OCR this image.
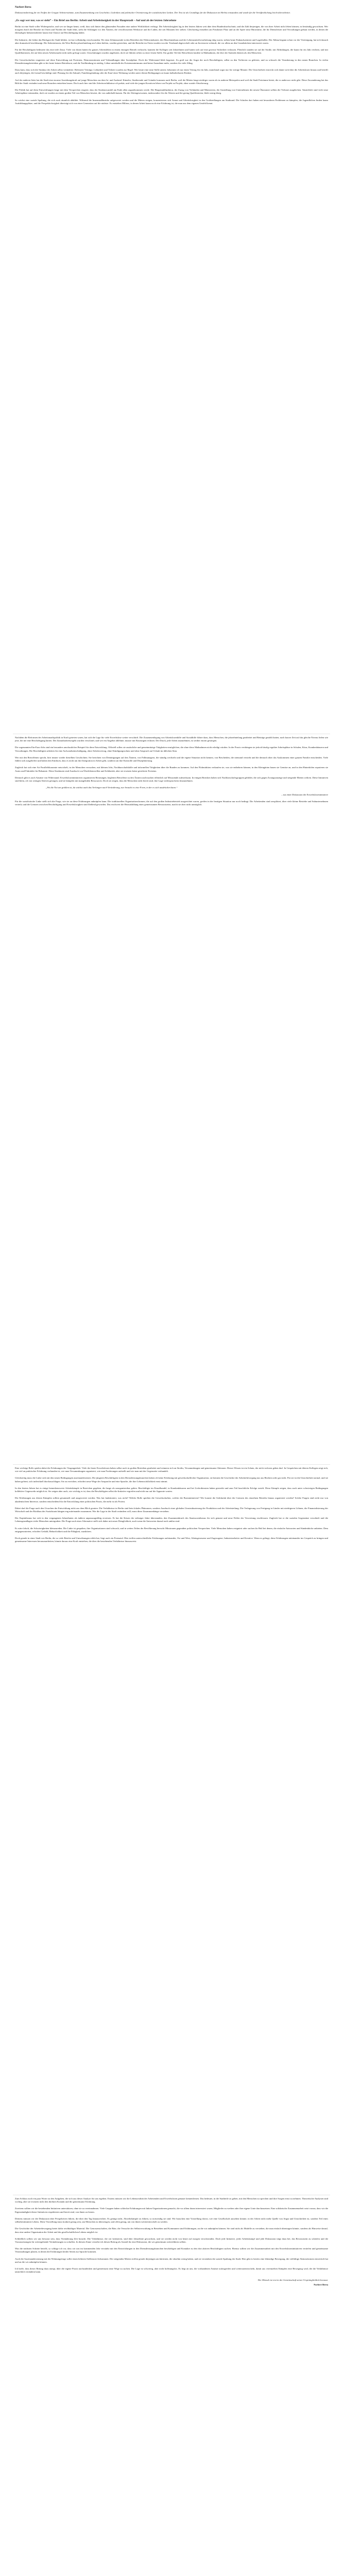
Norbert Berta
Diskussionsbeitrag für ein Treffen der Gruppe Arbeiterstimme, zum Zusammenhang von Geschichte, Gedenken und politischer Orientierung der sozialistischen Linken. Der Text ist als Grundlage für die Diskussion im Herbst entstanden und wurde für die Veröffentlichung leicht überarbeitet.
„Es sagt wer nur, was er sieht“ – Ein Brief aus Berlin: Arbeit und Arbeitslosigkeit in der Hauptstadt – Auf und ab der letzten Jahrzehnte

Berlin ist eine Stadt voller Widersprüche, und wer sie länger kennt, weiß, dass sich hinter den glänzenden Fassaden eine andere Wirklichkeit verbirgt. Die Arbeitslosigkeit lag in den letzten Jahren weit über dem Bundesdurchschnitt, und die Zahl derjenigen, die von ihrer Arbeit nicht leben können, ist beständig gewachsen. Wer morgens durch die Bezirke im Osten und Norden der Stadt fährt, sieht die Schlangen vor den Ämtern, die verschlossenen Werkstore und die Läden, die seit Monaten leer stehen. Gleichzeitig entstehen am Potsdamer Platz und an der Spree neue Bürotürme, die für Dienstleister und Verwaltungen gebaut werden, in denen die ehemaligen Industriearbeiter kaum eine Chance auf Beschäftigung haben.

Die Industrie, die früher das Rückgrat der Stadt bildete, ist fast vollständig verschwunden. Wo einst Zehntausende in den Betrieben der Elektroindustrie, des Maschinenbaus und der Lebensmittelverarbeitung tätig waren, stehen heute Einkaufszentren und Lagerhallen. Der Abbau begann schon vor der Vereinigung, hat sich danach aber dramatisch beschleunigt. Die Subventionen, die West-Berlin jahrzehntelang am Leben hielten, wurden gestrichen, und die Betriebe im Osten wurden von der Treuhand abgewickelt oder an Investoren verkauft, die vor allem an den Grundstücken interessiert waren.

Für die Beschäftigten bedeutete das eine tiefe Zäsur. Viele von ihnen hatten ihr ganzes Arbeitsleben in einem einzigen Betrieb verbracht, kannten die Kollegen seit Jahrzehnten und hatten sich auf eine gewisse Sicherheit verlassen. Plötzlich standen sie auf der Straße, mit Abfindungen, die kaum für ein Jahr reichten, und mit Qualifikationen, die auf dem neuen Arbeitsmarkt nicht mehr gefragt waren. Umschulungen wurden angeboten, doch sie führten selten zu einer festen Stelle. Ein großer Teil der Betroffenen landete in Maßnahmen, die eher der Statistik dienten als den Menschen.

Die Gewerkschaften reagierten auf diese Entwicklung mit Protesten, Demonstrationen und Verhandlungen über Sozialpläne. Doch der Widerstand blieb begrenzt. Zu groß war die Angst der noch Beschäftigten, selbst zu den Verlierern zu gehören, und zu schwach die Verankerung in den neuen Branchen. In vielen Dienstleistungsbetrieben gibt es bis heute keinen Betriebsrat, und die Tarifbindung ist niedrig. Löhne unterhalb des Existenzminimums sind keine Ausnahme mehr, sondern für viele Alltag.

Dazu kam, dass sich die Struktur der Arbeit selbst veränderte. Befristete Verträge, Leiharbeit und Teilzeit wurden zur Regel. Wer heute eine neue Stelle antritt, bekommt oft nur einen Vertrag für ein Jahr, manchmal sogar nur für wenige Monate. Die Unsicherheit erstreckt sich damit weit über die Arbeitslosen hinaus und betrifft auch diejenigen, die formal beschäftigt sind. Planung für die Zukunft, Familiengründung oder der Kauf einer Wohnung werden unter diesen Bedingungen zu kaum kalkulierbaren Risiken.

Auf der anderen Seite hat die Stadt eine enorme Anziehungskraft auf junge Menschen aus dem In- und Ausland. Künstler, Studierende und Gründer kommen nach Berlin, weil die Mieten lange niedriger waren als in anderen Metropolen und weil die Stadt Freiräume bietet, die es anderswo nicht gibt. Diese Zuwanderung hat das Bild der Stadt verändert und neue Branchen entstehen lassen. Doch auch hier sind die Arbeitsverhältnisse oft prekär, und viele der jungen Kreativen leben von Projekt zu Projekt, ohne soziale Absicherung.

Die Politik hat auf diese Entwicklungen lange mit dem Versprechen reagiert, dass der Strukturwandel am Ende allen zugutekommen werde. Die Hauptstadtfunktion, der Zuzug von Verbänden und Ministerien, die Ansiedlung von Unternehmen der neuen Ökonomie sollten die Verluste ausgleichen. Tatsächlich sind viele neue Arbeitsplätze entstanden, doch sie wurden zu einem großen Teil von Menschen besetzt, die von außerhalb kamen. Für die Alteingesessenen, insbesondere für die Älteren und die gering Qualifizierten, blieb wenig übrig.

So wächst eine soziale Spaltung, die sich auch räumlich abbildet. Während die Innenstadtbezirke aufgewertet werden und die Mieten steigen, konzentrieren sich Armut und Arbeitslosigkeit in den Großsiedlungen am Stadtrand. Die Schulen dort haben mit besonderen Problemen zu kämpfen, die Jugendlichen finden kaum Ausbildungsplätze, und die Perspektivlosigkeit überträgt sich von einer Generation auf die nächste. Es entstehen Milieus, in denen Arbeit kaum noch eine Erfahrung ist, die man aus dem eigenen Umfeld kennt.

Nachdem die Reformen der Arbeitsmarktpolitik in Kraft getreten waren, hat sich die Lage für viele Erwerbslose weiter verschärft. Die Zusammenlegung von Arbeitslosenhilfe und Sozialhilfe führte dazu, dass Menschen, die jahrzehntelang gearbeitet und Beiträge gezahlt hatten, nach kurzer Zeit auf das gleiche Niveau fielen wie jene, die nie eine Beschäftigung hatten. Die Zumutbarkeitsregeln wurden verschärft, und wer ein Angebot ablehnte, musste mit Kürzungen rechnen. Der Druck, jede Arbeit anzunehmen, ist seither enorm gestiegen.

Die sogenannten Ein-Euro-Jobs sind ein besonders anschauliches Beispiel für diese Entwicklung. Offiziell sollen sie zusätzliche und gemeinnützige Tätigkeiten ermöglichen, die ohne diese Maßnahmen nicht erledigt würden. In der Praxis verdrängen sie jedoch häufig reguläre Arbeitsplätze in Schulen, Kitas, Krankenhäusern und Verwaltungen. Die Beschäftigten arbeiten für eine Aufwandsentschädigung, ohne Arbeitsvertrag, ohne Kündigungsschutz und ohne Anspruch auf Urlaub im üblichen Sinn.

Wer mit den Betroffenen spricht, hört immer wieder dieselben Geschichten. Sie berichten von Demütigungen auf den Ämtern, von Fallmanagern, die ständig wechseln und die eigene Situation nicht kennen, von Bescheiden, die niemand versteht und die dennoch über das Auskommen einer ganzen Familie entscheiden. Viele fühlen sich ausgeliefert und haben den Eindruck, dass es nicht um ihre Integration in Arbeit geht, sondern um ihre Kontrolle und Disziplinierung.

Zugleich hat sich eine Art Parallelökonomie entwickelt, in der Menschen versuchen, mit kleinen Jobs, Nachbarschaftshilfe und informellen Tätigkeiten über die Runden zu kommen. Auf den Flohmärkten verkaufen sie, was sie entbehren können, in den Kleingärten bauen sie Gemüse an, und in den Hinterhöfen reparieren sie Autos und Fahrräder für Bekannte. Diese Strukturen sind Ausdruck von Überlebenswillen und Solidarität, aber sie ersetzen keine gesicherte Existenz.

Dennoch gibt es auch Ansätze von Widerstand. Erwerbsloseninitiativen organisieren Beratungen, begleiten Betroffene zu den Ämtern und machen öffentlich auf Missstände aufmerksam. In einigen Bezirken haben sich Nachbarschaftsgruppen gebildet, die sich gegen Zwangsumzüge und steigende Mieten wehren. Diese Initiativen sind klein, oft von wenigen Aktiven getragen, und sie kämpfen mit mangelnden Ressourcen. Doch sie zeigen, dass die Menschen nicht bereit sind, ihre Lage widerspruchslos hinzunehmen.

„Wo die Not am größten ist, da wächst auch das Verlangen nach Veränderung, nur braucht es eine Form, in der es sich ausdrücken kann.“
– aus einer Diskussion der Erwerbsloseninitiative

Für die sozialistische Linke stellt sich die Frage, wie sie an diese Erfahrungen anknüpfen kann. Die traditionellen Organisationsformen, die auf den großen Industriebetrieb ausgerichtet waren, greifen in der heutigen Situation nur noch bedingt. Die Arbeitenden sind zersplittert, über viele kleine Betriebe und Subunternehmen verteilt, und die Grenzen zwischen Beschäftigung und Erwerbslosigkeit sind fließend geworden. Das erschwert die Herausbildung eines gemeinsamen Bewusstseins, macht sie aber nicht unmöglich.

Eine wichtige Rolle spielen dabei die Erfahrungen der Vergangenheit. Viele der heute Erwerbslosen haben selbst noch in großen Betrieben gearbeitet und erinnern sich an Streiks, Versammlungen und gemeinsame Aktionen. Dieses Wissen ist ein Schatz, der nicht verloren gehen darf. In Gesprächen mit älteren Kollegen zeigt sich, wie viel an praktischer Erfahrung vorhanden ist, wie man Versammlungen organisiert, wie man Forderungen aufstellt und wie man mit der Gegenseite verhandelt.

Gleichzeitig muss die Linke sich mit den neuen Bedingungen auseinandersetzen. Die jüngeren Beschäftigten in den Dienstleistungsbranchen haben oft keine Erfahrung mit gewerkschaftlicher Organisation, sie kennen die Geschichte der Arbeiterbewegung nur aus Büchern oder gar nicht. Für sie ist die Unsicherheit normal, und sie haben gelernt, sich individuell durchzuschlagen. Sie zu erreichen, erfordert neue Wege der Ansprache und eine Sprache, die ihre Lebenswirklichkeit ernst nimmt.

In den letzten Jahren hat es einige bemerkenswerte Arbeitskämpfe in Bereichen gegeben, die lange als unorganisierbar galten. Beschäftigte im Einzelhandel, in Krankenhäusern und bei Lieferdiensten haben gestreikt und zum Teil beachtliche Erfolge erzielt. Diese Kämpfe zeigen, dass auch unter schwierigen Bedingungen kollektive Gegenwehr möglich ist. Sie zeigen aber auch, wie wichtig es ist, dass die Beschäftigten selbst die Initiative ergreifen und nicht nur auf die Apparate warten.

Die Erfahrungen aus diesen Kämpfen sollten gesammelt und ausgewertet werden. Was hat funktioniert, was nicht? Welche Rolle spielten die Gewerkschaften, welche die Basisinitiativen? Wie konnte die Solidarität über die Grenzen des einzelnen Betriebs hinaus organisiert werden? Solche Fragen sind nicht nur von akademischem Interesse, sondern entscheidend für die Entwicklung einer politischen Praxis, die mehr ist als Protest.

Dabei darf die Frage nach den Ursachen der Entwicklung nicht aus dem Blick geraten. Die Verhältnisse in Berlin sind kein lokales Phänomen, sondern Ausdruck einer globalen Umstrukturierung der Produktion und der Arbeitsteilung. Die Verlagerung von Fertigung in Länder mit niedrigeren Löhnen, die Finanzialisierung der Wirtschaft und der Rückbau des Sozialstaats hängen eng miteinander zusammen. Wer die Lage in der Stadt verändern will, muss diese Zusammenhänge verstehen.

Der Kapitalismus hat sich in den vergangenen Jahrzehnten als äußerst anpassungsfähig erwiesen. Er hat die Krisen der siebziger Jahre überstanden, den Zusammenbruch des Staatssozialismus für sich genutzt und neue Felder der Verwertung erschlossen. Zugleich hat er die sozialen Gegensätze verschärft und die Lebensgrundlagen vieler Menschen untergraben. Die Frage nach einer Alternative stellt sich daher mit neuer Dringlichkeit, auch wenn die Antworten darauf noch unklar sind.

Es wäre falsch, die Schwierigkeiten kleinzureden. Die Linke ist gespalten, ihre Organisationen sind schwach, und in weiten Teilen der Bevölkerung herrscht Misstrauen gegenüber politischen Versprechen. Viele Menschen haben resigniert oder suchen ihr Heil bei denen, die einfache Antworten und Sündenböcke anbieten. Dem entgegenzutreten, erfordert Geduld, Beharrlichkeit und die Fähigkeit, zuzuhören.

Doch gerade in einer Stadt wie Berlin, die so viele Brüche und Umwälzungen erlebt hat, liegt auch ein Potenzial. Hier treffen unterschiedliche Erfahrungen aufeinander, Ost und West, Alteingesessene und Zugezogene, Industriearbeiter und Kreative. Wenn es gelingt, diese Erfahrungen miteinander ins Gespräch zu bringen und gemeinsame Interessen herauszuarbeiten, könnte daraus eine Kraft entstehen, die über die bestehenden Verhältnisse hinausweist.

Zum Schluss noch ein paar Worte zu den Aufgaben, die sich aus dieser Analyse für uns ergeben. Erstens müssen wir die Lebensrealität der Arbeitenden und Erwerbslosen genauer kennenlernen. Das bedeutet, in die Stadtteile zu gehen, mit den Menschen zu sprechen und ihre Sorgen ernst zu nehmen. Theoretische Analysen sind wichtig, aber sie ersetzen nicht den direkten Kontakt und die gemeinsame Erfahrung.

Zweitens sollten wir die bestehenden Initiativen unterstützen, ohne sie zu vereinnahmen. Viele Gruppen haben schlechte Erfahrungen mit linken Organisationen gemacht, die vor allem daran interessiert waren, Mitglieder zu werben oder ihre eigene Linie durchzusetzen. Eine solidarische Zusammenarbeit setzt voraus, dass wir die Eigenständigkeit dieser Initiativen respektieren und bereit sind, von ihnen zu lernen.

Drittens müssen wir die Diskussion über Perspektiven führen, die über den Tag hinausreichen. Es genügt nicht, Abwehrkämpfe zu führen, so notwendig sie sind. Wir brauchen eine Vorstellung davon, wie eine Gesellschaft aussehen könnte, in der Arbeit nicht mehr Quelle von Angst und Unsicherheit ist, sondern Teil eines selbstbestimmten Lebens. Diese Vorstellung muss konkret genug sein, um Menschen zu überzeugen, und offen genug, um von ihnen weiterentwickelt zu werden.

Die Geschichte der Arbeiterbewegung bietet dafür reichhaltiges Material. Die Genossenschaften, die Räte, die Versuche der Selbstverwaltung in Betrieben und Kommunen sind Erfahrungen, an die wir anknüpfen können. Sie sind nicht als Modelle zu verstehen, die man einfach übertragen könnte, sondern als Hinweise darauf, dass eine andere Organisation der Arbeit und des gesellschaftlichen Lebens möglich ist.

Schließlich sollten wir uns bewusst sein, dass Veränderung Zeit braucht. Die Verhältnisse, die wir kritisieren, sind über Jahrzehnte gewachsen, und sie werden nicht von heute auf morgen verschwinden. Doch jede Initiative, jeder Arbeitskampf und jede Diskussion trägt dazu bei, das Bewusstsein zu schärfen und die Voraussetzungen für weitergehende Veränderungen zu schaffen. In diesem Sinne verstehe ich diesen Beitrag als Anstoß für eine Diskussion, die wir gemeinsam weiterführen sollten.

Was die nächsten Schritte betrifft, so schlage ich vor, dass wir uns im kommenden Jahr verstärkt mit den Entwicklungen in den Dienstleistungsbranchen beschäftigen und Kontakte zu den dort aktiven Beschäftigten suchen. Ebenso sollten wir die Zusammenarbeit mit den Erwerbsloseninitiativen vertiefen und gemeinsame Veranstaltungen planen, in denen die Erfahrungen beider Seiten zur Sprache kommen.

Auch die Auseinandersetzung mit der Wohnungsfrage sollte einen höheren Stellenwert bekommen. Die steigenden Mieten treffen gerade diejenigen am härtesten, die ohnehin wenig haben, und sie verstärken die soziale Spaltung der Stadt. Hier gibt es bereits eine lebendige Bewegung, die vielfältige Aktionsformen entwickelt hat und an die wir anknüpfen können.

Ich hoffe, dass dieser Beitrag dazu anregt, über die eigene Praxis nachzudenken und gemeinsam neue Wege zu suchen. Die Lage ist schwierig, aber nicht hoffnungslos. Es liegt an uns, die vorhandenen Ansätze aufzugreifen und weiterzuentwickeln, damit aus vereinzelten Kämpfen eine Bewegung wird, die die Verhältnisse tatsächlich verändern kann.

Der Mensch ist erst in der Gemeinschaft seiner Ursprünglichkeit bewusst.
Norbert Berta
